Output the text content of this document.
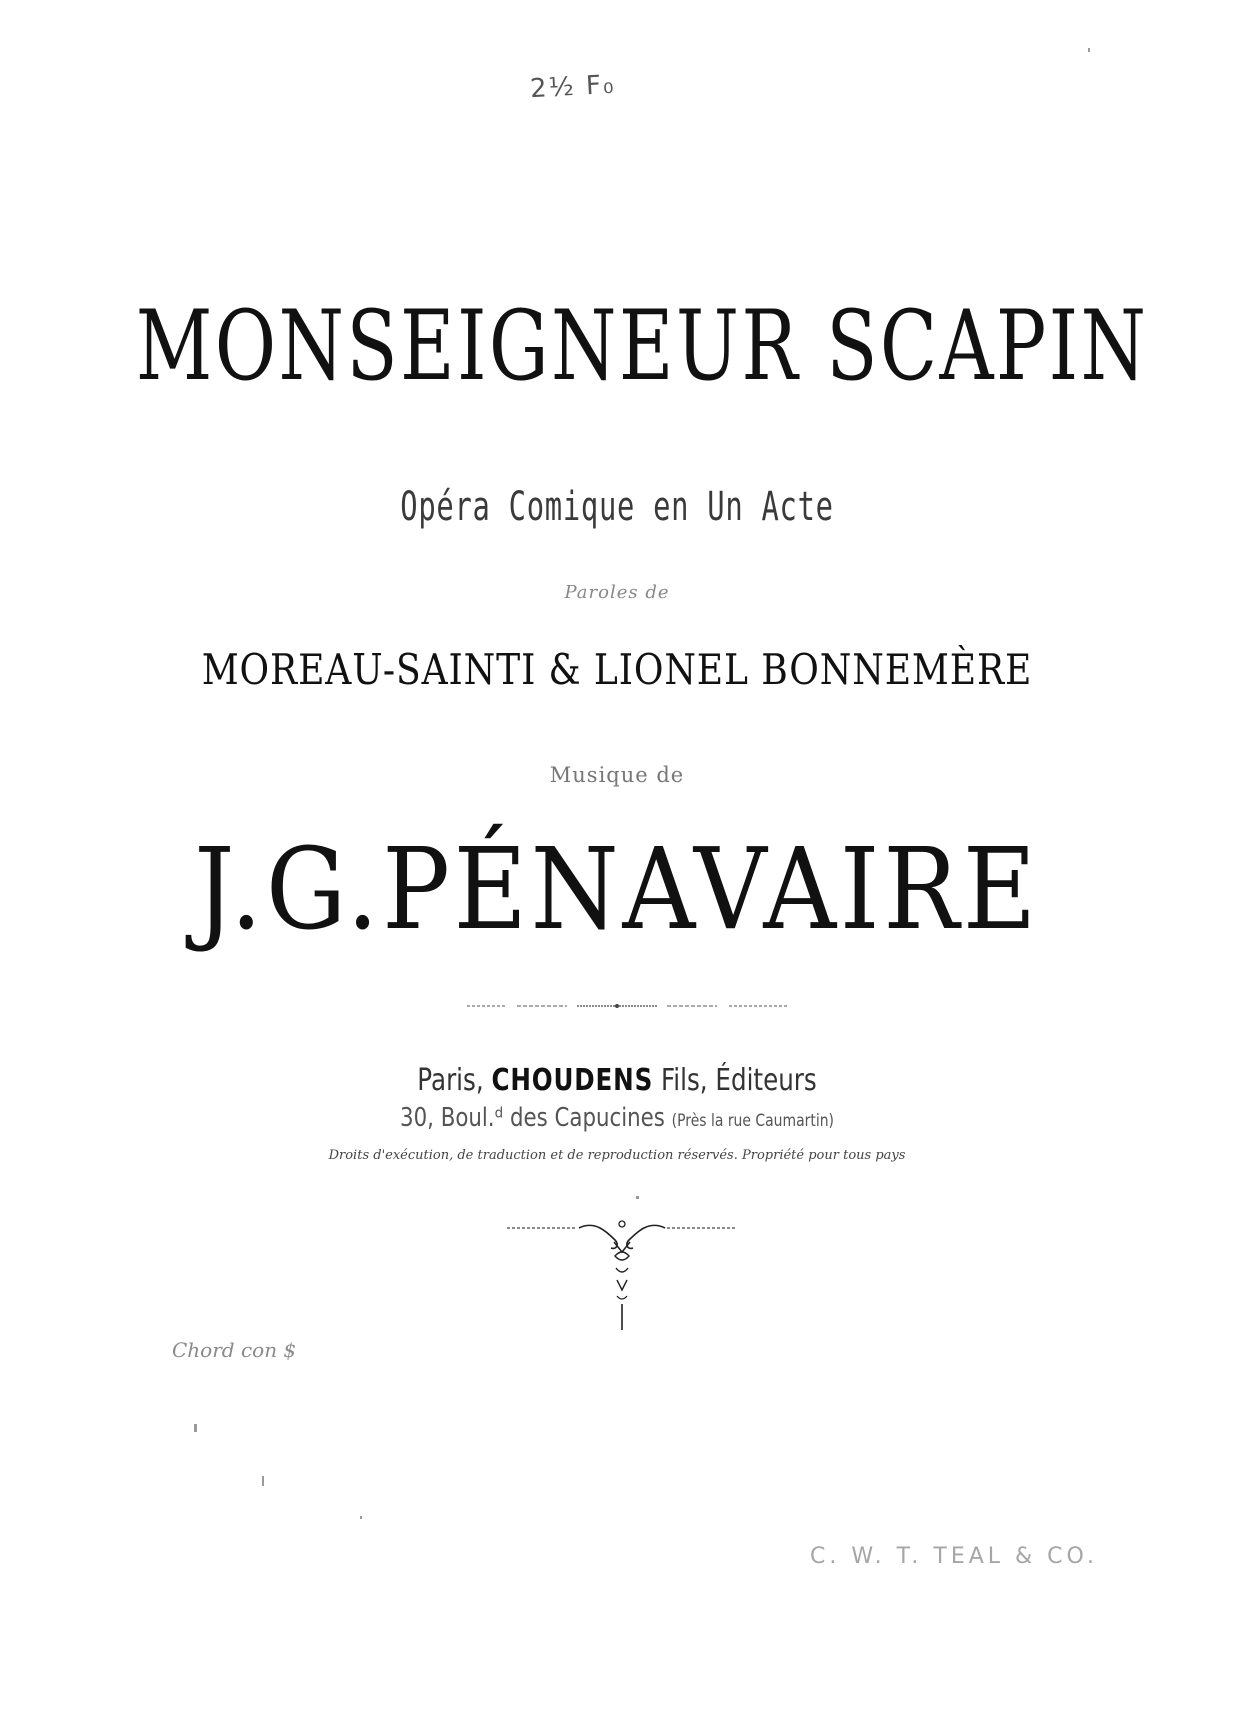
2½ F₀
MONSEIGNEUR SCAPIN
Opéra Comique en Un Acte
Paroles de
MOREAU-SAINTI & LIONEL BONNEMÈRE
Musique de
J.G.PÉNAVAIRE
Paris, CHOUDENS Fils, Éditeurs
30, Boul.ᵈ des Capucines (Près la rue Caumartin)
Droits d'exécution, de traduction et de reproduction réservés. Propriété pour tous pays
Chord con $
C. W. T. TEAL & CO.
